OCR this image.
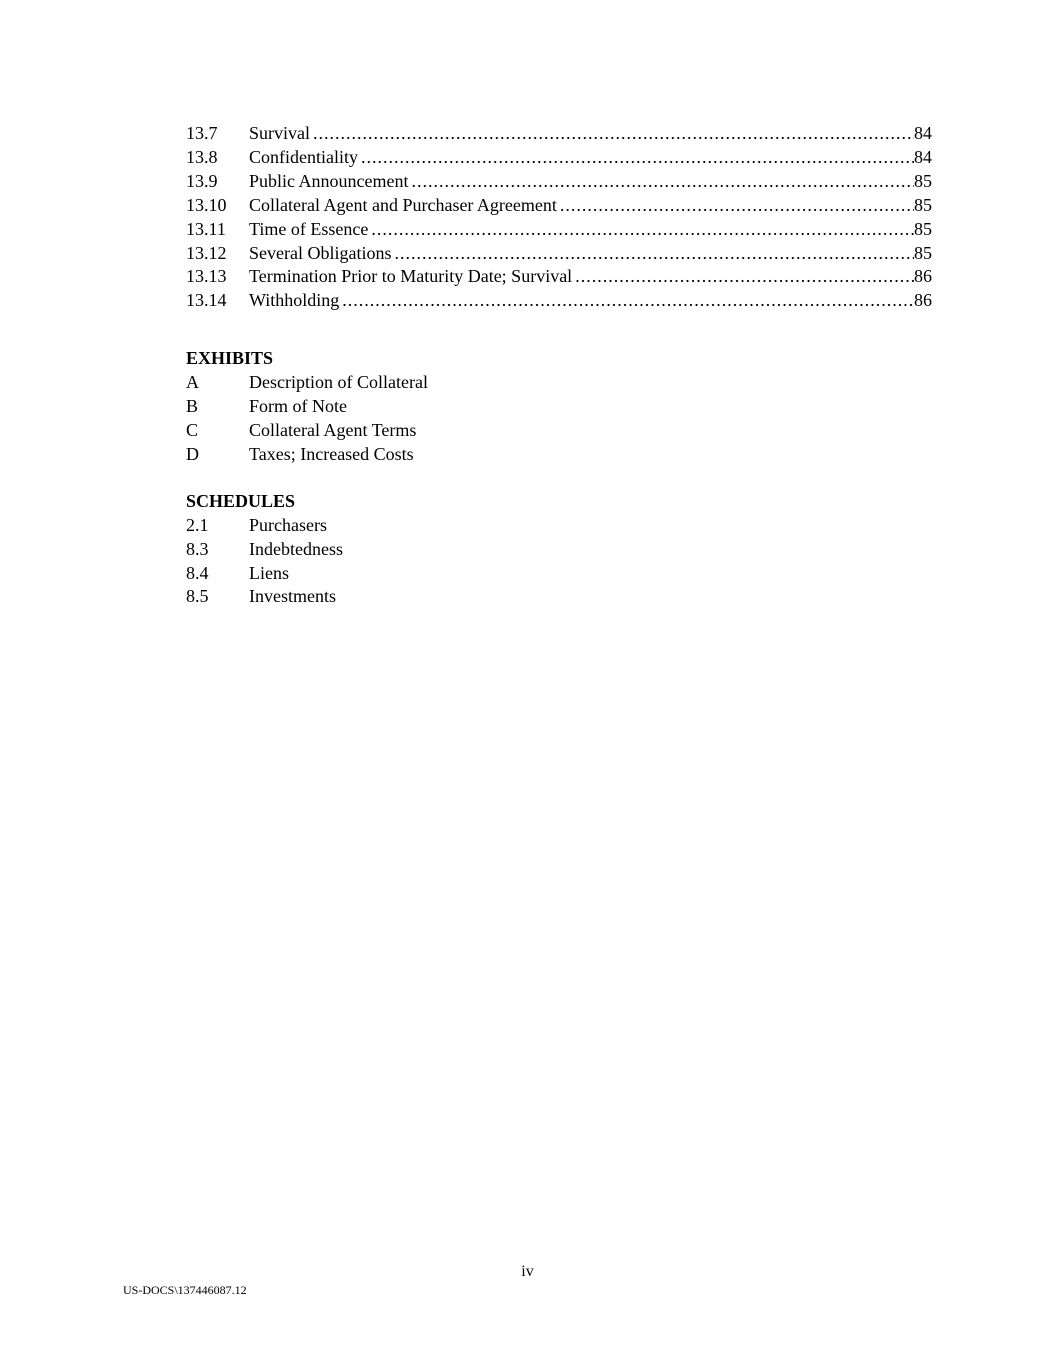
13.7	Survival .....	84
13.8	Confidentiality .....	84
13.9	Public Announcement .....	85
13.10	Collateral Agent and Purchaser Agreement .....	85
13.11	Time of Essence .....	85
13.12	Several Obligations .....	85
13.13	Termination Prior to Maturity Date; Survival .....	86
13.14	Withholding .....	86
EXHIBITS
A	Description of Collateral
B	Form of Note
C	Collateral Agent Terms
D	Taxes; Increased Costs
SCHEDULES
2.1	Purchasers
8.3	Indebtedness
8.4	Liens
8.5	Investments
iv
US-DOCS\137446087.12
